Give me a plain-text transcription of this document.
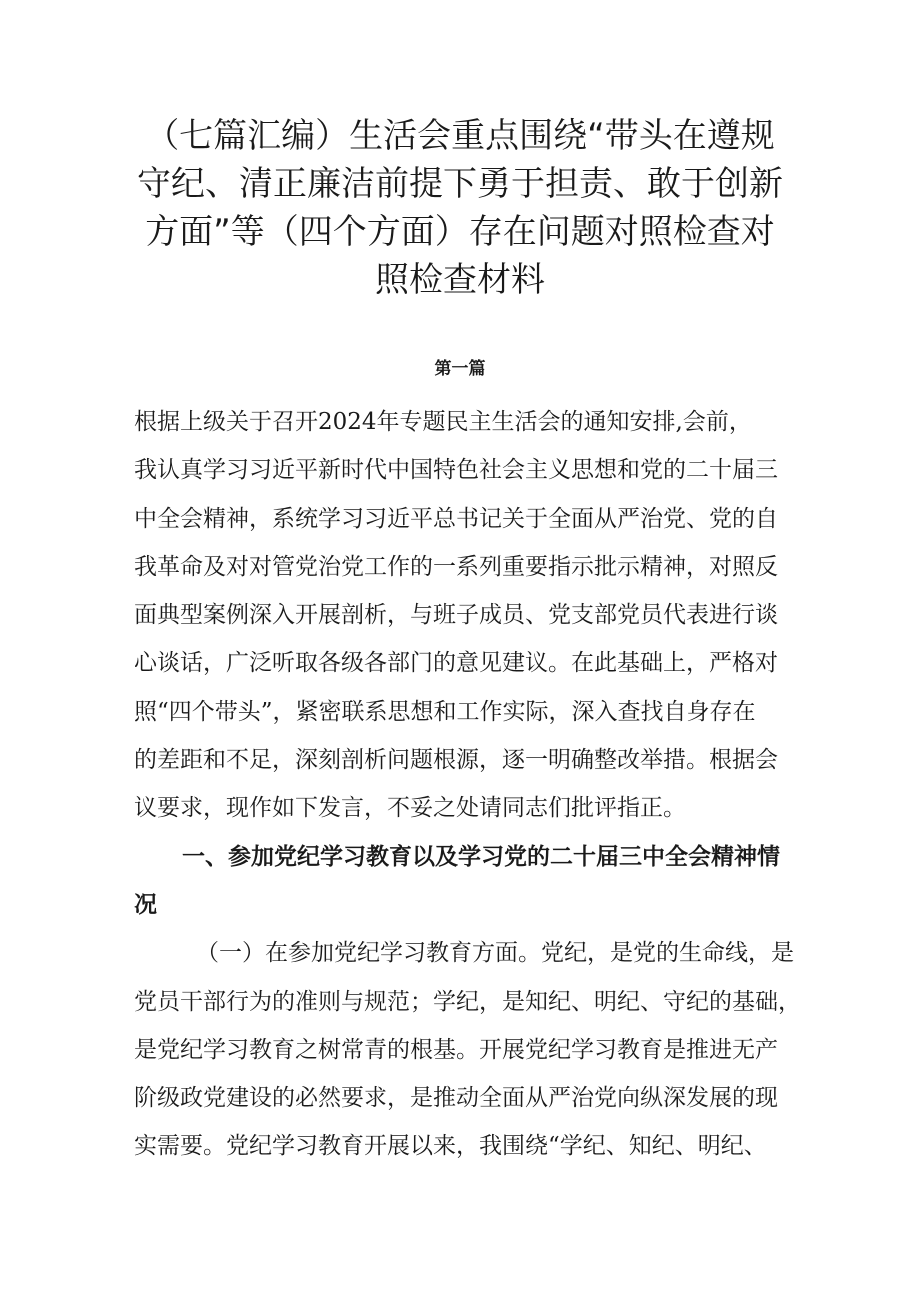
（七篇汇编）生活会重点围绕“带头在遵规
守纪、清正廉洁前提下勇于担责、敢于创新
方面”等（四个方面）存在问题对照检查对
照检查材料
第一篇
根据上级关于召开2024年专题民主生活会的通知安排,会前，
我认真学习习近平新时代中国特色社会主义思想和党的二十届三
中全会精神，系统学习习近平总书记关于全面从严治党、党的自
我革命及对对管党治党工作的一系列重要指示批示精神，对照反
面典型案例深入开展剖析，与班子成员、党支部党员代表进行谈
心谈话，广泛听取各级各部门的意见建议。在此基础上，严格对
照“四个带头”，紧密联系思想和工作实际，深入查找自身存在
的差距和不足，深刻剖析问题根源，逐一明确整改举措。根据会
议要求，现作如下发言，不妥之处请同志们批评指正。
一、参加党纪学习教育以及学习党的二十届三中全会精神情
况
（一）在参加党纪学习教育方面。党纪，是党的生命线，是
党员干部行为的准则与规范；学纪，是知纪、明纪、守纪的基础，
是党纪学习教育之树常青的根基。开展党纪学习教育是推进无产
阶级政党建设的必然要求，是推动全面从严治党向纵深发展的现
实需要。党纪学习教育开展以来，我围绕“学纪、知纪、明纪、
